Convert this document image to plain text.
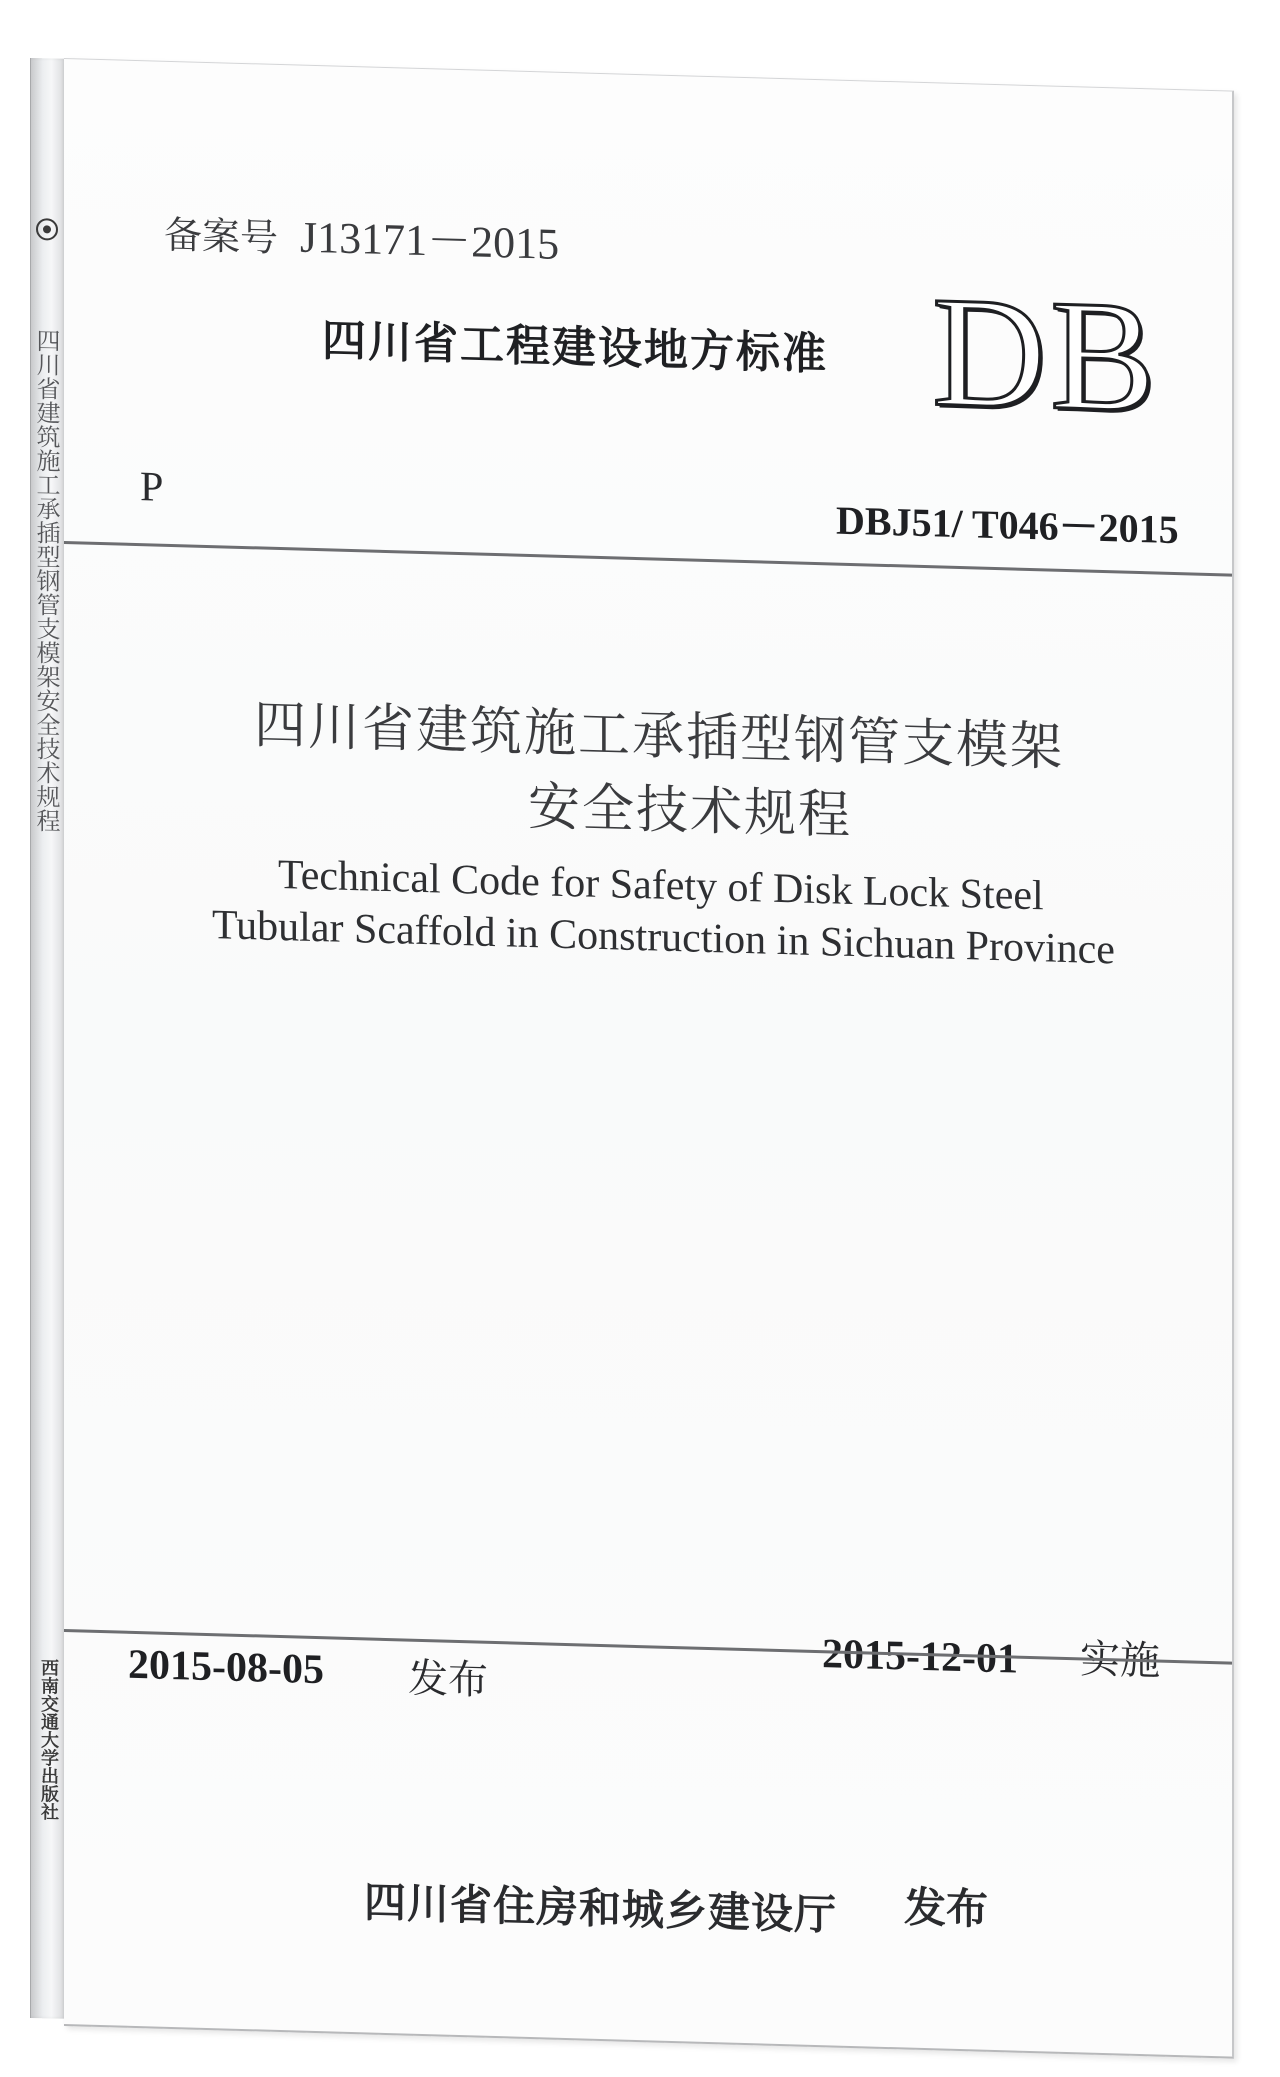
四川省建筑施工承插型钢管支模架安全技术规程
西南交通大学出版社
备案号 J13171－2015
四川省工程建设地方标准 DB
P
DBJ51/ T046－2015
四川省建筑施工承插型钢管支模架
安全技术规程
Technical Code for Safety of Disk Lock Steel
Tubular Scaffold in Construction in Sichuan Province
2015-08-05 发布	2015-12-01 实施
四川省住房和城乡建设厅 发布
